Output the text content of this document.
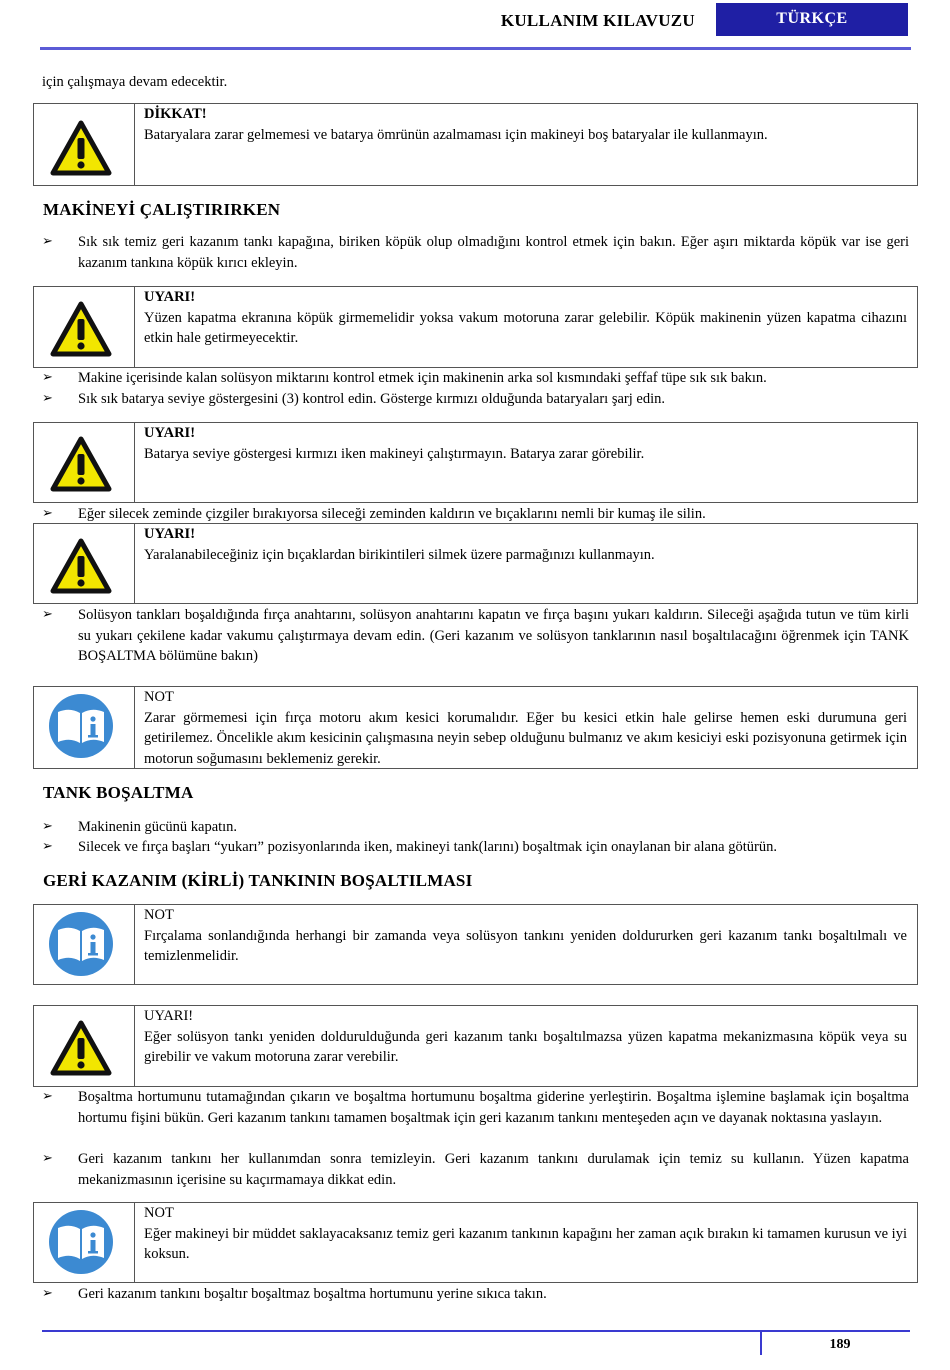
KULLANIM KILAVUZU	TÜRKÇE
için çalışmaya devam edecektir.
DİKKAT!
Bataryalara zarar gelmemesi ve batarya ömrünün azalmaması için makineyi boş bataryalar ile kullanmayın.
MAKİNEYİ ÇALIŞTIRIRKEN
➢ Sık sık temiz geri kazanım tankı kapağına, biriken köpük olup olmadığını kontrol etmek için bakın. Eğer aşırı miktarda köpük var ise geri kazanım tankına köpük kırıcı ekleyin.
UYARI!
Yüzen kapatma ekranına köpük girmemelidir yoksa vakum motoruna zarar gelebilir. Köpük makinenin yüzen kapatma cihazını etkin hale getirmeyecektir.
➢ Makine içerisinde kalan solüsyon miktarını kontrol etmek için makinenin arka sol kısmındaki şeffaf tüpe sık sık bakın.
➢ Sık sık batarya seviye göstergesini (3) kontrol edin. Gösterge kırmızı olduğunda bataryaları şarj edin.
UYARI!
Batarya seviye göstergesi kırmızı iken makineyi çalıştırmayın. Batarya zarar görebilir.
➢ Eğer silecek zeminde çizgiler bırakıyorsa sileceği zeminden kaldırın ve bıçaklarını nemli bir kumaş ile silin.
UYARI!
Yaralanabileceğiniz için bıçaklardan birikintileri silmek üzere parmağınızı kullanmayın.
➢ Solüsyon tankları boşaldığında fırça anahtarını, solüsyon anahtarını kapatın ve fırça başını yukarı kaldırın. Sileceği aşağıda tutun ve tüm kirli su yukarı çekilene kadar vakumu çalıştırmaya devam edin. (Geri kazanım ve solüsyon tanklarının nasıl boşaltılacağını öğrenmek için TANK BOŞALTMA bölümüne bakın)
NOT
Zarar görmemesi için fırça motoru akım kesici korumalıdır. Eğer bu kesici etkin hale gelirse hemen eski durumuna geri getirilemez. Öncelikle akım kesicinin çalışmasına neyin sebep olduğunu bulmanız ve akım kesiciyi eski pozisyonuna getirmek için motorun soğumasını beklemeniz gerekir.
TANK BOŞALTMA
➢ Makinenin gücünü kapatın.
➢ Silecek ve fırça başları “yukarı” pozisyonlarında iken, makineyi tank(larını) boşaltmak için onaylanan bir alana götürün.
GERİ KAZANIM (KİRLİ) TANKININ BOŞALTILMASI
NOT
Fırçalama sonlandığında herhangi bir zamanda veya solüsyon tankını yeniden doldururken geri kazanım tankı boşaltılmalı ve temizlenmelidir.
UYARI!
Eğer solüsyon tankı yeniden doldurulduğunda geri kazanım tankı boşaltılmazsa yüzen kapatma mekanizmasına köpük veya su girebilir ve vakum motoruna zarar verebilir.
➢ Boşaltma hortumunu tutamağından çıkarın ve boşaltma hortumunu boşaltma giderine yerleştirin. Boşaltma işlemine başlamak için boşaltma hortumu fişini bükün. Geri kazanım tankını tamamen boşaltmak için geri kazanım tankını menteşeden açın ve dayanak noktasına yaslayın.
➢ Geri kazanım tankını her kullanımdan sonra temizleyin. Geri kazanım tankını durulamak için temiz su kullanın. Yüzen kapatma mekanizmasının içerisine su kaçırmamaya dikkat edin.
NOT
Eğer makineyi bir müddet saklayacaksanız temiz geri kazanım tankının kapağını her zaman açık bırakın ki tamamen kurusun ve iyi koksun.
➢ Geri kazanım tankını boşaltır boşaltmaz boşaltma hortumunu yerine sıkıca takın.
189
